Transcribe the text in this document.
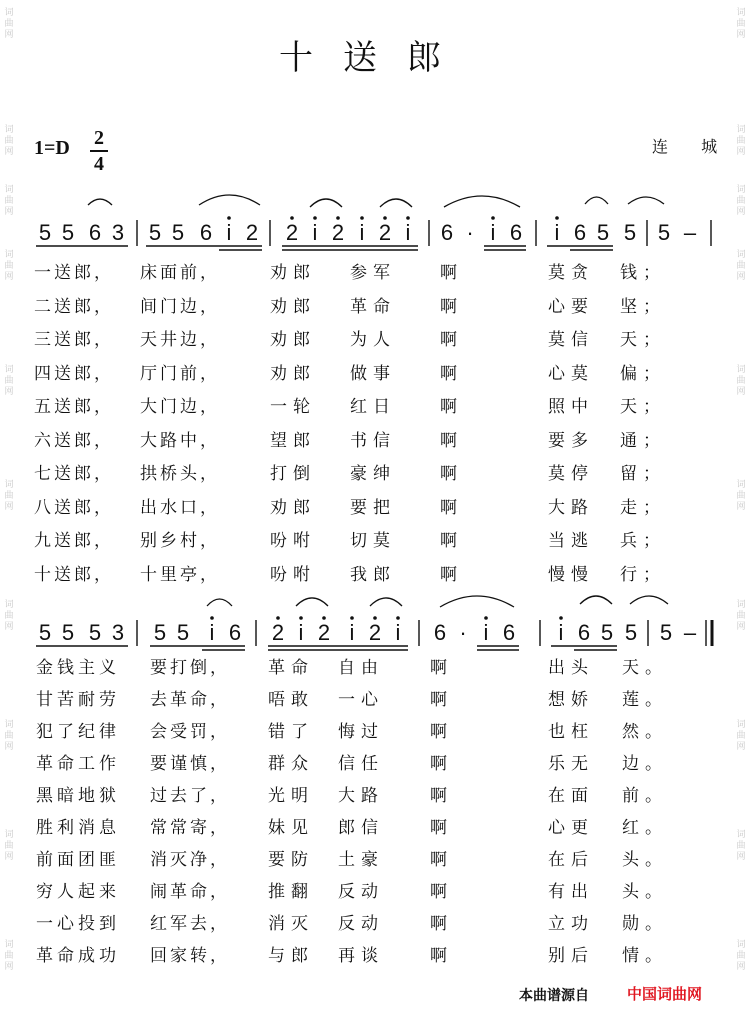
十送郎
1=D 2
4
连 城
词
曲
网
词
曲
网
词
曲
网
词
曲
网
词
曲
网
词
曲
网
词
曲
网
词
曲
网
词
曲
网
词
曲
网
词
曲
网
词
曲
网
词
曲
网
词
曲
网
词
曲
网
词
曲
网
词
曲
网
词
曲
网
词
曲
网
词
曲
网
5 5 6 3 5 5 6 i 2 2 i 2 i 2 i 6 · i 6 i 6 5 5 5 –
5 5 5 3 5 5 i 6 2 i 2 i 2 i 6 · i 6 i 6 5 5 5 –
一送郎， 床面前，	劝郎 参军	啊	莫贪 钱；
二送郎， 间门边，	劝郎 革命	啊	心要 坚；
三送郎， 天井边，	劝郎 为人	啊	莫信 天；
四送郎， 厅门前，	劝郎 做事	啊	心莫 偏；
五送郎， 大门边，	一轮 红日	啊	照中 天；
六送郎， 大路中，	望郎 书信	啊	要多 通；
七送郎， 拱桥头，	打倒 豪绅	啊	莫停 留；
八送郎， 出水口，	劝郎 要把	啊	大路 走；
九送郎， 别乡村，	吩咐 切莫	啊	当逃 兵；
十送郎， 十里亭，	吩咐 我郎	啊	慢慢 行；
金钱主义 要打倒， 革命 自由	啊	出头 天。
甘苦耐劳 去革命， 唔敢 一心	啊	想娇 莲。
犯了纪律 会受罚， 错了 悔过	啊	也枉 然。
革命工作 要谨慎， 群众 信任	啊	乐无 边。
黑暗地狱 过去了， 光明 大路	啊	在面 前。
胜利消息 常常寄， 妹见 郎信	啊	心更 红。
前面团匪 消灭净， 要防 土豪	啊	在后 头。
穷人起来 闹革命， 推翻 反动	啊	有出 头。
一心投到 红军去， 消灭 反动	啊	立功 勋。
革命成功 回家转， 与郎 再谈	啊	别后 情。
本曲谱源自	中国词曲网
